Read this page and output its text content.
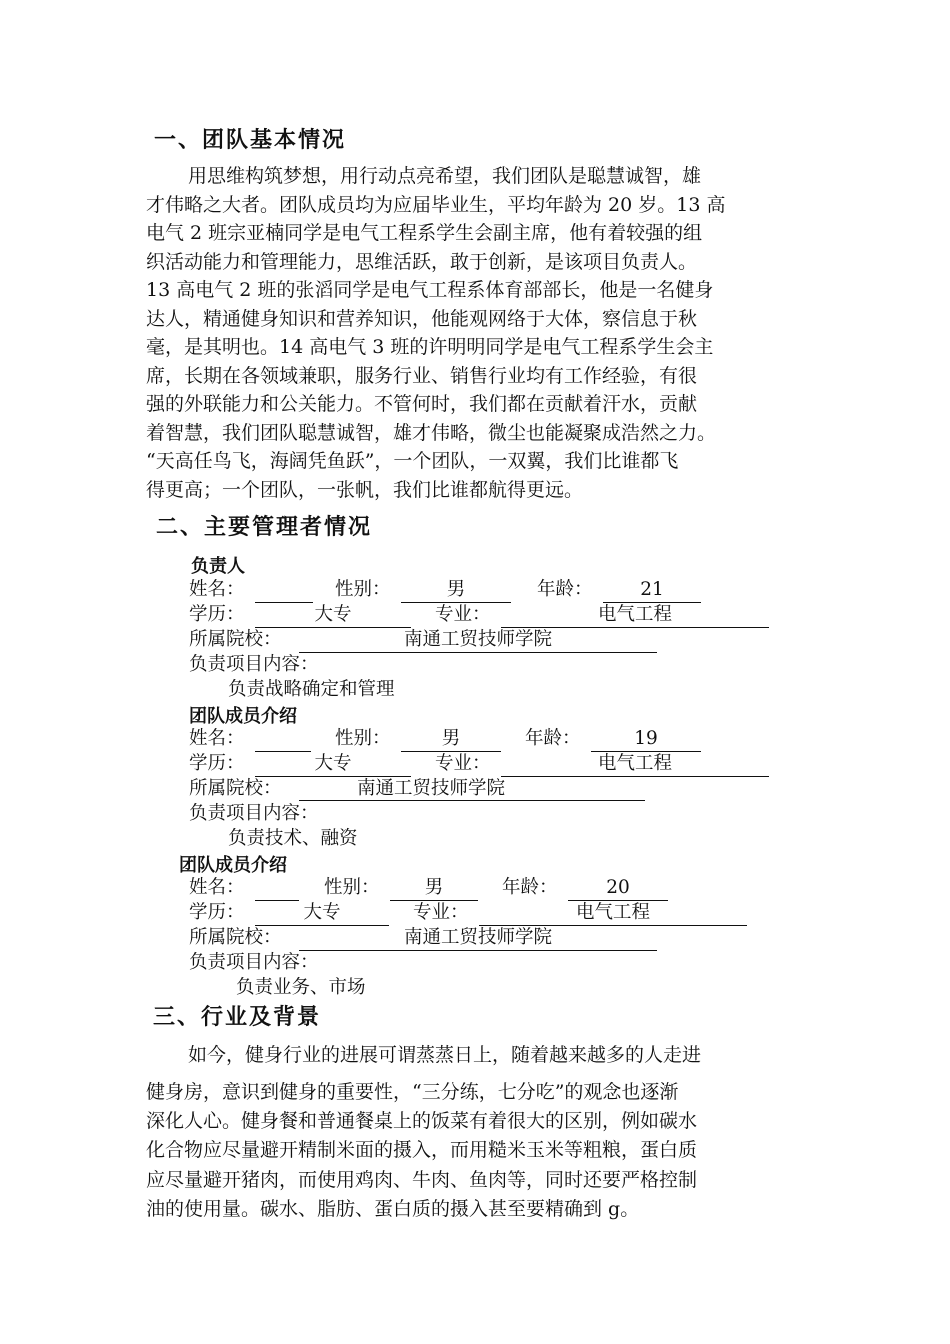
一、团队基本情况
用思维构筑梦想，用行动点亮希望，我们团队是聪慧诚智，雄
才伟略之大者。团队成员均为应届毕业生，平均年龄为 20 岁。13 高
电气 2 班宗亚楠同学是电气工程系学生会副主席，他有着较强的组
织活动能力和管理能力，思维活跃，敢于创新，是该项目负责人。
13 高电气 2 班的张滔同学是电气工程系体育部部长，他是一名健身
达人，精通健身知识和营养知识，他能观网络于大体，察信息于秋
毫，是其明也。14 高电气 3 班的许明明同学是电气工程系学生会主
席，长期在各领域兼职，服务行业、销售行业均有工作经验，有很
强的外联能力和公关能力。不管何时，我们都在贡献着汗水，贡献
着智慧，我们团队聪慧诚智，雄才伟略，微尘也能凝聚成浩然之力。
“天高任鸟飞，海阔凭鱼跃”，一个团队，一双翼，我们比谁都飞
得更高；一个团队，一张帆，我们比谁都航得更远。
二、主要管理者情况
负责人
姓名：	性别：	男	年龄：	21
学历：	大专	专业：	电气工程
所属院校：	南通工贸技师学院
负责项目内容：
负责战略确定和管理
团队成员介绍
姓名：	性别：	男	年龄：	19
学历：	大专	专业：	电气工程
所属院校：	南通工贸技师学院
负责项目内容：
负责技术、融资
团队成员介绍
姓名：	性别：	男	年龄：	20
学历：	大专	专业：	电气工程
所属院校：	南通工贸技师学院
负责项目内容：
负责业务、市场
三、行业及背景
如今，健身行业的进展可谓蒸蒸日上，随着越来越多的人走进
健身房，意识到健身的重要性，“三分练，七分吃”的观念也逐渐
深化人心。健身餐和普通餐桌上的饭菜有着很大的区别，例如碳水
化合物应尽量避开精制米面的摄入，而用糙米玉米等粗粮，蛋白质
应尽量避开猪肉，而使用鸡肉、牛肉、鱼肉等，同时还要严格控制
油的使用量。碳水、脂肪、蛋白质的摄入甚至要精确到 g。
